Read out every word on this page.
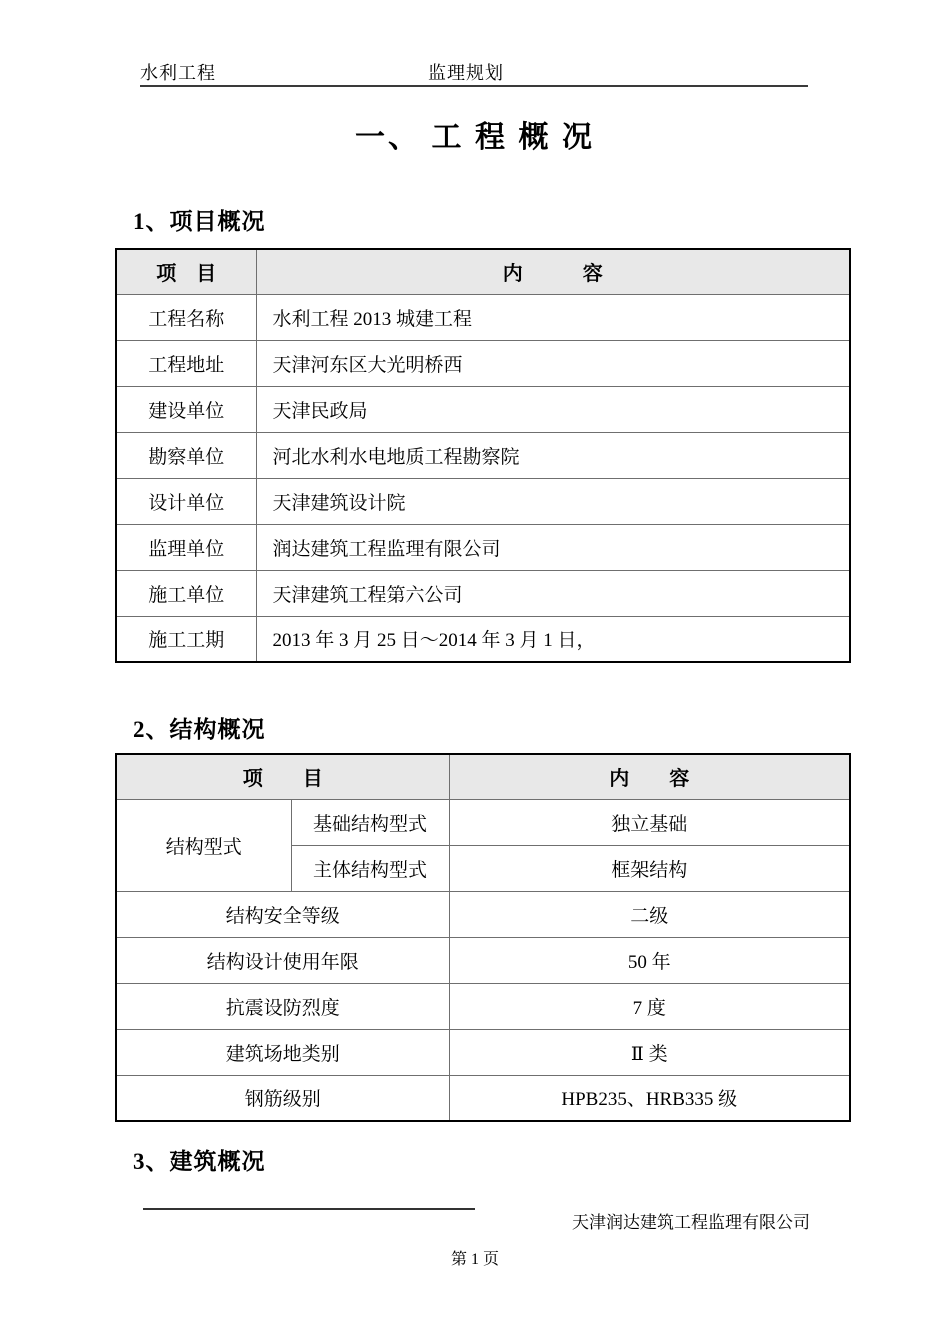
水利工程	监理规划
一、 工 程 概 况
1、项目概况
项　目	内　　　容
工程名称	水利工程 2013 城建工程
工程地址	天津河东区大光明桥西
建设单位	天津民政局
勘察单位	河北水利水电地质工程勘察院
设计单位	天津建筑设计院
监理单位	润达建筑工程监理有限公司
施工单位	天津建筑工程第六公司
施工工期	2013 年 3 月 25 日～2014 年 3 月 1 日，
2、结构概况
项　　目		内　　容
结构型式	基础结构型式	独立基础
	主体结构型式	框架结构
结构安全等级		二级
结构设计使用年限		50 年
抗震设防烈度		7 度
建筑场地类别		Ⅱ 类
钢筋级别		HPB235、HRB335 级
3、建筑概况
天津润达建筑工程监理有限公司
第 1 页
